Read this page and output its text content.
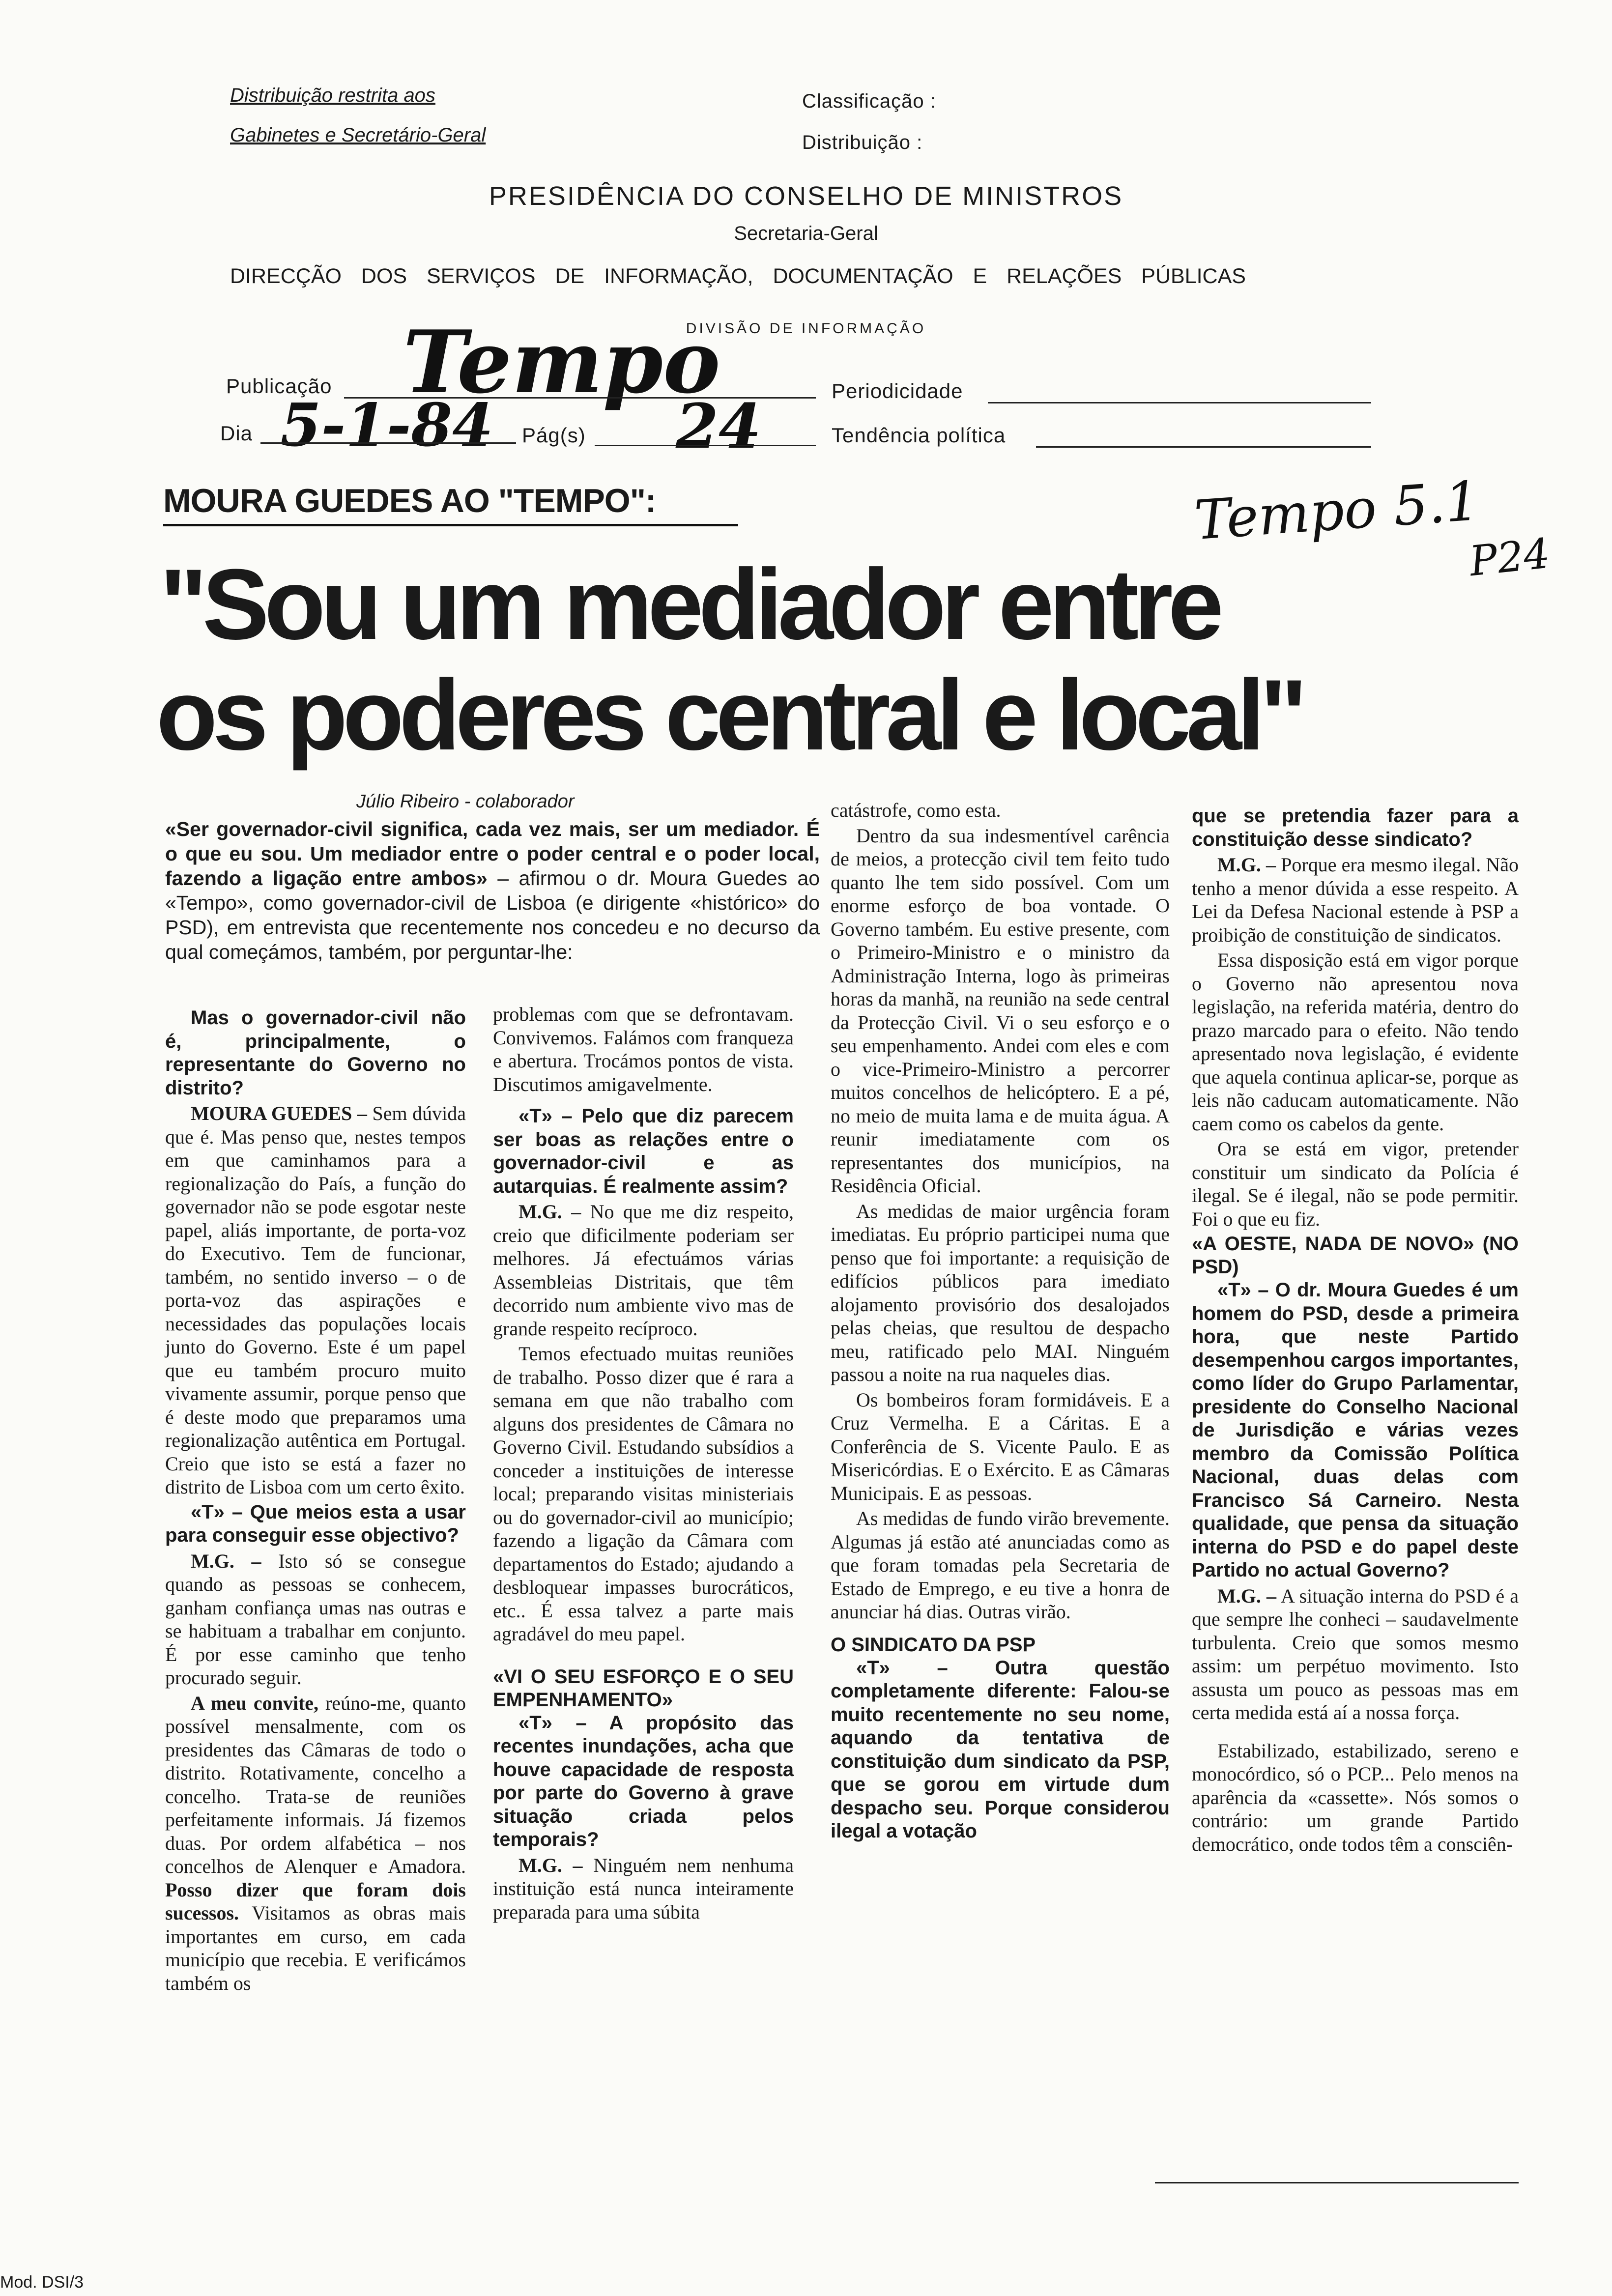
Distribuição restrita aos
Gabinetes e Secretário-Geral
Classificação :
Distribuição :
PRESIDÊNCIA DO CONSELHO DE MINISTROS
Secretaria-Geral
DIRECÇÃO DOS SERVIÇOS DE INFORMAÇÃO, DOCUMENTAÇÃO E RELAÇÕES PÚBLICAS
DIVISÃO DE INFORMAÇÃO
Publicação Tempo	Periodicidade
Dia 5-1-84 Pág(s) 24	Tendência política
Tempo 5.1
P24
MOURA GUEDES AO "TEMPO":
"Sou um mediador entre
os poderes central e local"
Júlio Ribeiro - colaborador
«Ser governador-civil significa, cada vez mais, ser um mediador. É o que eu sou. Um mediador entre o poder central e o poder local, fazendo a ligação entre ambos» – afirmou o dr. Moura Guedes ao «Tempo», como governador-civil de Lisboa (e dirigente «histórico» do PSD), em entrevista que recentemente nos concedeu e no decurso da qual começámos, também, por perguntar-lhe:

Mas o governador-civil não é, principalmente, o representante do Governo no distrito?

MOURA GUEDES – Sem dúvida que é. Mas penso que, nestes tempos em que caminhamos para a regionalização do País, a função do governador não se pode esgotar neste papel, aliás importante, de porta-voz do Executivo. Tem de funcionar, também, no sentido inverso – o de porta-voz das aspirações e necessidades das populações locais junto do Governo. Este é um papel que eu também procuro muito vivamente assumir, porque penso que é deste modo que preparamos uma regionalização autêntica em Portugal. Creio que isto se está a fazer no distrito de Lisboa com um certo êxito.

«T» – Que meios esta a usar para conseguir esse objectivo?

M.G. – Isto só se consegue quando as pessoas se conhecem, ganham confiança umas nas outras e se habituam a trabalhar em conjunto. É por esse caminho que tenho procurado seguir.

A meu convite, reúno-me, quanto possível mensalmente, com os presidentes das Câmaras de todo o distrito. Rotativamente, concelho a concelho. Trata-se de reuniões perfeitamente informais. Já fizemos duas. Por ordem alfabética – nos concelhos de Alenquer e Amadora. Posso dizer que foram dois sucessos. Visitamos as obras mais importantes em curso, em cada município que recebia. E verificámos também os

problemas com que se defrontavam. Convivemos. Falámos com franqueza e abertura. Trocámos pontos de vista. Discutimos amigavelmente.

«T» – Pelo que diz parecem ser boas as relações entre o governador-civil e as autarquias. É realmente assim?

M.G. – No que me diz respeito, creio que dificilmente poderiam ser melhores. Já efectuámos várias Assembleias Distritais, que têm decorrido num ambiente vivo mas de grande respeito recíproco.

Temos efectuado muitas reuniões de trabalho. Posso dizer que é rara a semana em que não trabalho com alguns dos presidentes de Câmara no Governo Civil. Estudando subsídios a conceder a instituições de interesse local; preparando visitas ministeriais ou do governador-civil ao município; fazendo a ligação da Câmara com departamentos do Estado; ajudando a desbloquear impasses burocráticos, etc.. É essa talvez a parte mais agradável do meu papel.

«VI O SEU ESFORÇO E O SEU EMPENHAMENTO»

«T» – A propósito das recentes inundações, acha que houve capacidade de resposta por parte do Governo à grave situação criada pelos temporais?

M.G. – Ninguém nem nenhuma instituição está nunca inteiramente preparada para uma súbita

catástrofe, como esta.

Dentro da sua indesmentível carência de meios, a protecção civil tem feito tudo quanto lhe tem sido possível. Com um enorme esforço de boa vontade. O Governo também. Eu estive presente, com o Primeiro-Ministro e o ministro da Administração Interna, logo às primeiras horas da manhã, na reunião na sede central da Protecção Civil. Vi o seu esforço e o seu empenhamento. Andei com eles e com o vice-Primeiro-Ministro a percorrer muitos concelhos de helicóptero. E a pé, no meio de muita lama e de muita água. A reunir imediatamente com os representantes dos municípios, na Residência Oficial.

As medidas de maior urgência foram imediatas. Eu próprio participei numa que penso que foi importante: a requisição de edifícios públicos para imediato alojamento provisório dos desalojados pelas cheias, que resultou de despacho meu, ratificado pelo MAI. Ninguém passou a noite na rua naqueles dias.

Os bombeiros foram formidáveis. E a Cruz Vermelha. E a Cáritas. E a Conferência de S. Vicente Paulo. E as Misericórdias. E o Exército. E as Câmaras Municipais. E as pessoas.

As medidas de fundo virão brevemente. Algumas já estão até anunciadas como as que foram tomadas pela Secretaria de Estado de Emprego, e eu tive a honra de anunciar há dias. Outras virão.

O SINDICATO DA PSP

«T» – Outra questão completamente diferente: Falou-se muito recentemente no seu nome, aquando da tentativa de constituição dum sindicato da PSP, que se gorou em virtude dum despacho seu. Porque considerou ilegal a votação

que se pretendia fazer para a constituição desse sindicato?

M.G. – Porque era mesmo ilegal. Não tenho a menor dúvida a esse respeito. A Lei da Defesa Nacional estende à PSP a proibição de constituição de sindicatos.

Essa disposição está em vigor porque o Governo não apresentou nova legislação, na referida matéria, dentro do prazo marcado para o efeito. Não tendo apresentado nova legislação, é evidente que aquela continua aplicar-se, porque as leis não caducam automaticamente. Não caem como os cabelos da gente.

Ora se está em vigor, pretender constituir um sindicato da Polícia é ilegal. Se é ilegal, não se pode permitir. Foi o que eu fiz.

«A OESTE, NADA DE NOVO» (NO PSD)

«T» – O dr. Moura Guedes é um homem do PSD, desde a primeira hora, que neste Partido desempenhou cargos importantes, como líder do Grupo Parlamentar, presidente do Conselho Nacional de Jurisdição e várias vezes membro da Comissão Política Nacional, duas delas com Francisco Sá Carneiro. Nesta qualidade, que pensa da situação interna do PSD e do papel deste Partido no actual Governo?

M.G. – A situação interna do PSD é a que sempre lhe conheci – saudavelmente turbulenta. Creio que somos mesmo assim: um perpétuo movimento. Isto assusta um pouco as pessoas mas em certa medida está aí a nossa força.

Estabilizado, estabilizado, sereno e monocórdico, só o PCP... Pelo menos na aparência da «cassette». Nós somos o contrário: um grande Partido democrático, onde todos têm a consciên-

Mod. DSI/3
